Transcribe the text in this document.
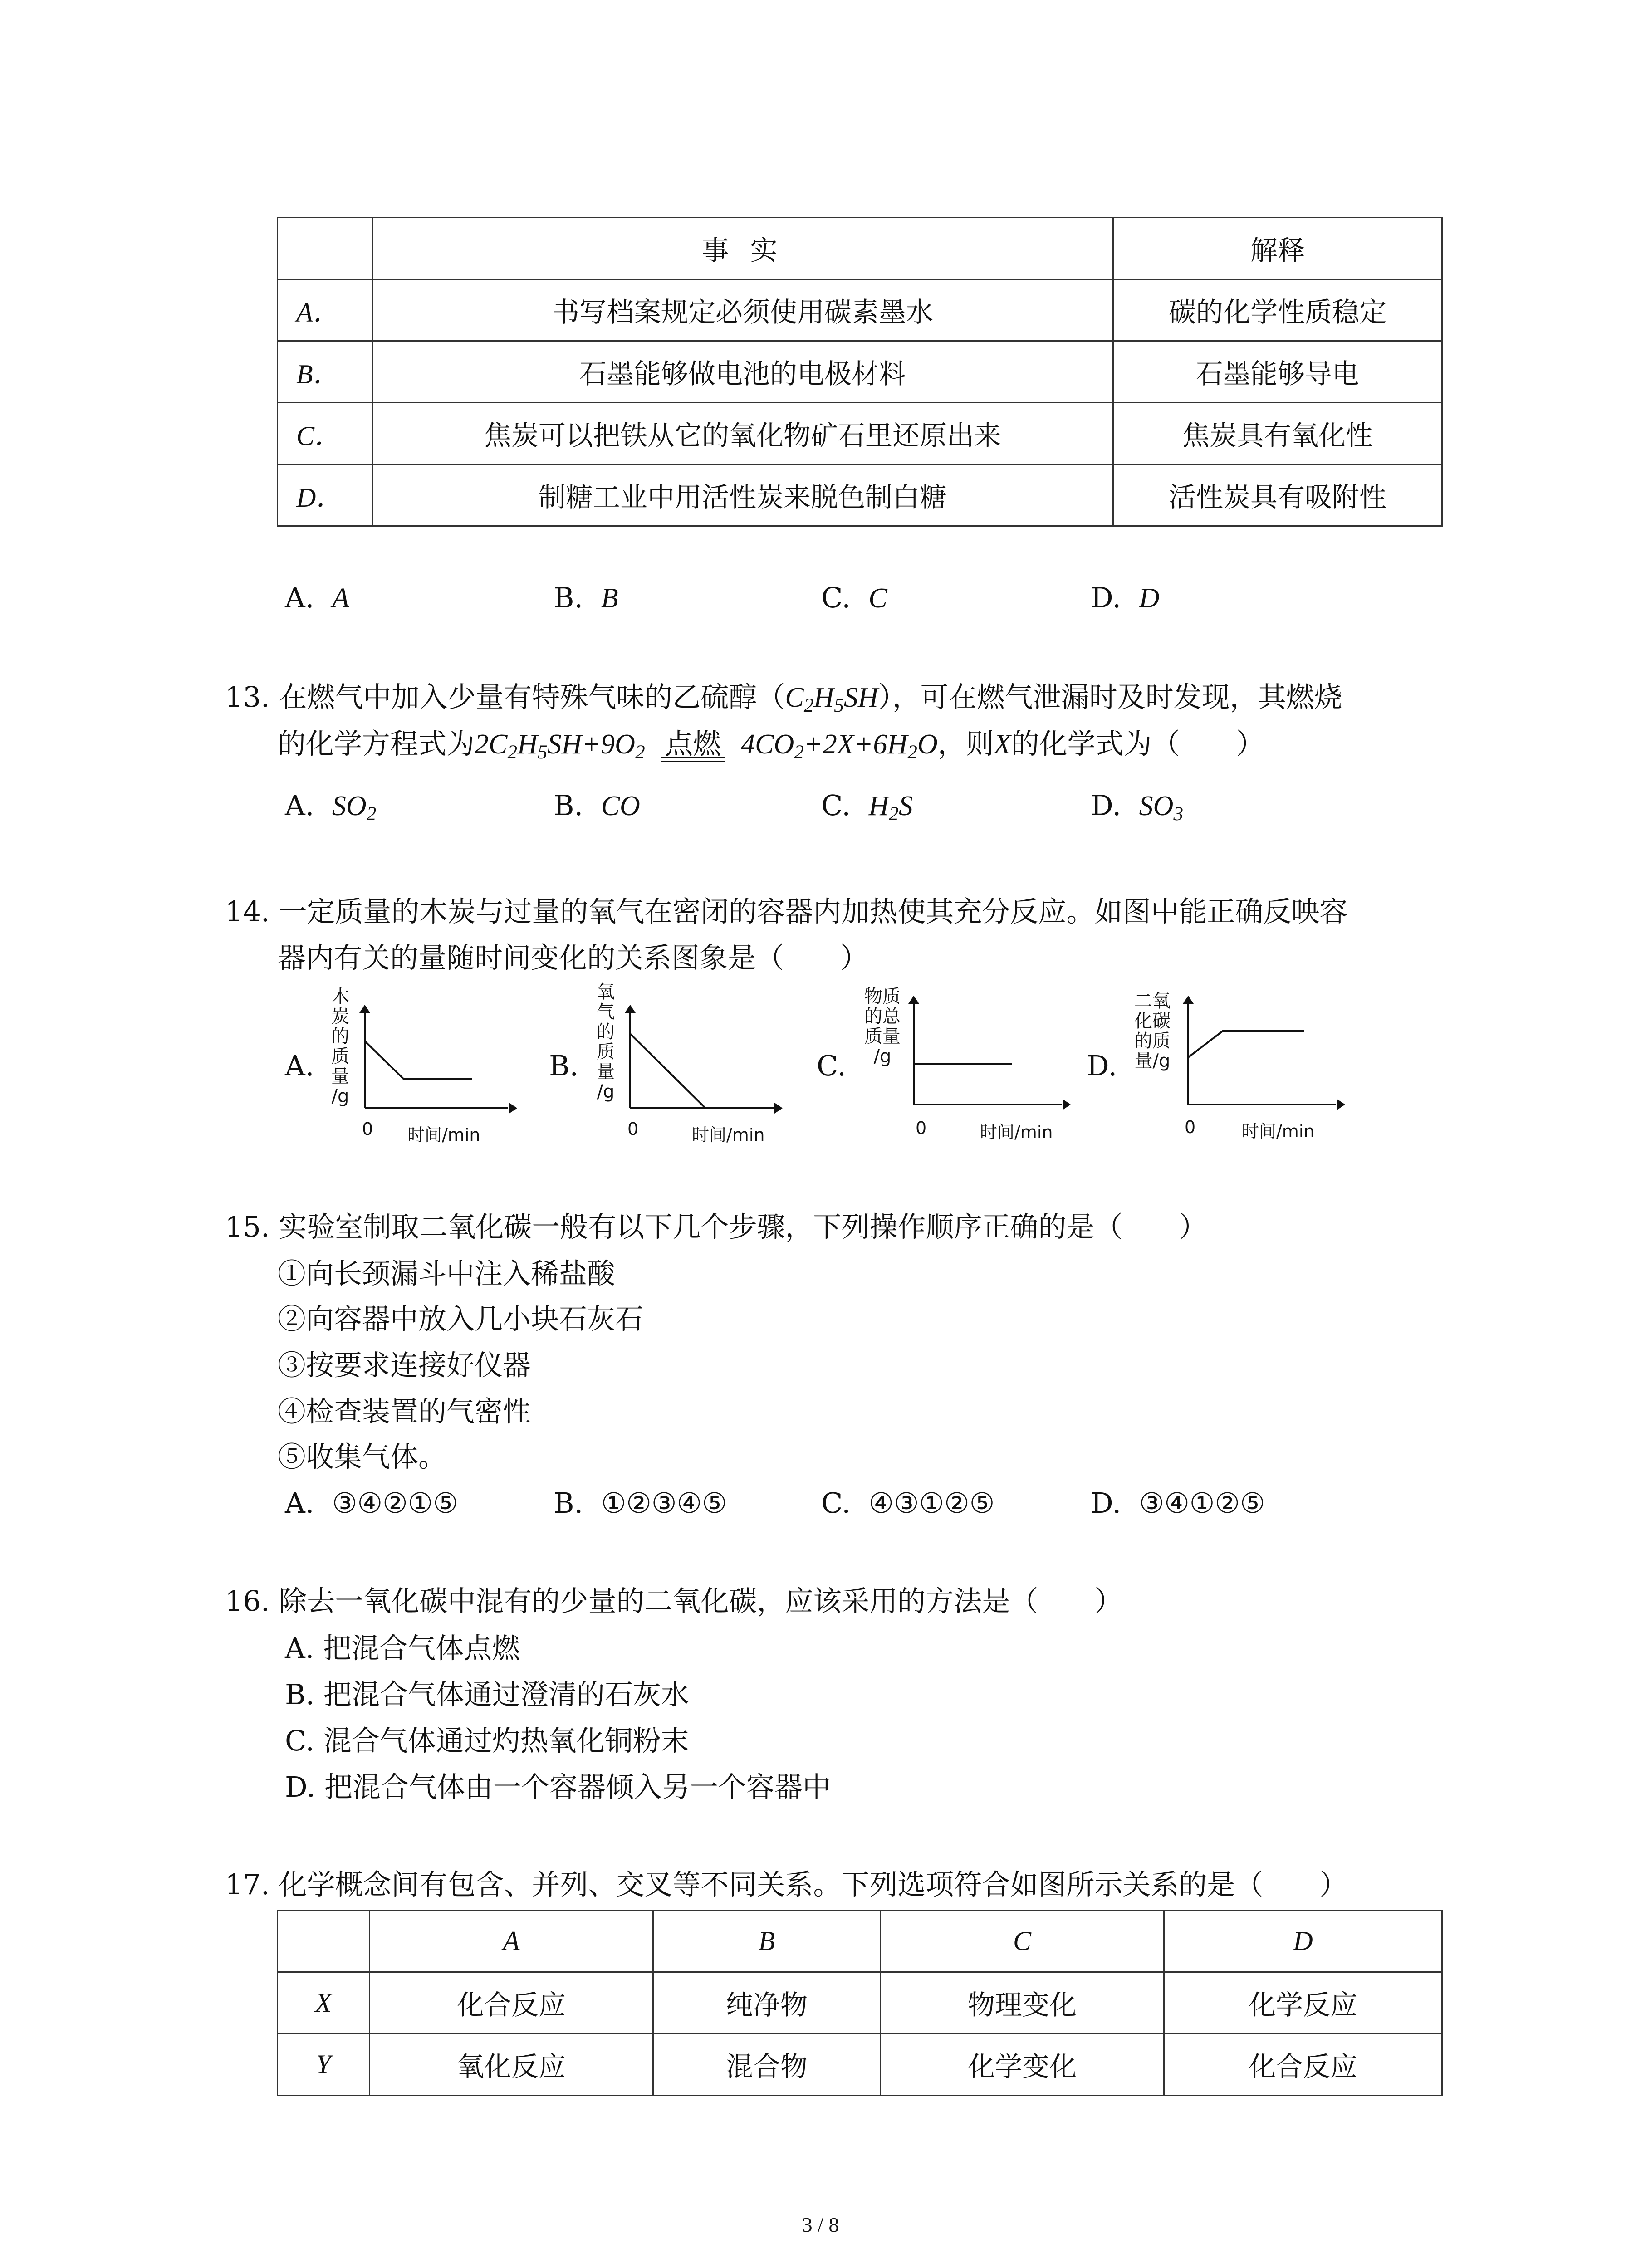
	事 实	解释
A．	书写档案规定必须使用碳素墨水	碳的化学性质稳定
B．	石墨能够做电池的电极材料	石墨能够导电
C．	焦炭可以把铁从它的氧化物矿石里还原出来	焦炭具有氧化性
D．	制糖工业中用活性炭来脱色制白糖	活性炭具有吸附性
A. A	B. B	C. C	D. D
13. 在燃气中加入少量有特殊气味的乙硫醇$(C_2H_5SH)$，可在燃气泄漏时及时发现，其燃烧
的化学方程式为$2C_2H_5SH+9O_2$ 点燃 $4CO_2+2X+6H_2O$，则X的化学式为（　　）
A. $SO_2$	B. CO	C. $H_2S$	D. $SO_3$
14. 一定质量的木炭与过量的氧气在密闭的容器内加热使其充分反应。如图中能正确反映容
器内有关的量随时间变化的关系图象是（　　）
A.
木
炭
的
质
量
/g
0 时间/min
B.
氧
气
的
质
量
/g
0	时间/min
C.
物质
的总
质量
/g
0	时间/min
D.
二氧
化碳
的质
量/g
0	时间/min
15. 实验室制取二氧化碳一般有以下几个步骤，下列操作顺序正确的是（　　）
①向长颈漏斗中注入稀盐酸
②向容器中放入几小块石灰石
③按要求连接好仪器
④检查装置的气密性
⑤收集气体。
A. ③④②①⑤	B. ①②③④⑤	C. ④③①②⑤	D. ③④①②⑤
16. 除去一氧化碳中混有的少量的二氧化碳，应该采用的方法是（　　）
A. 把混合气体点燃
B. 把混合气体通过澄清的石灰水
C. 混合气体通过灼热氧化铜粉末
D. 把混合气体由一个容器倾入另一个容器中
17. 化学概念间有包含、并列、交叉等不同关系。下列选项符合如图所示关系的是（　　）
	A	B	C	D
X	化合反应	纯净物	物理变化	化学反应
Y	氧化反应	混合物	化学变化	化合反应
3 / 8
